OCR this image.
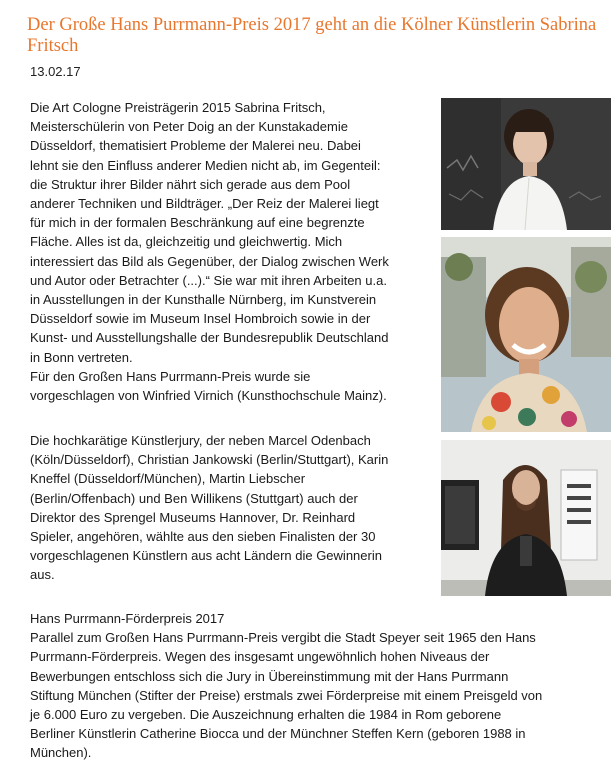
Der Große Hans Purrmann-Preis 2017 geht an die Kölner Künstlerin Sabrina Fritsch
13.02.17

Die Art Cologne Preisträgerin 2015 Sabrina Fritsch,
Meisterschülerin von Peter Doig an der Kunstakademie
Düsseldorf, thematisiert Probleme der Malerei neu. Dabei
lehnt sie den Einfluss anderer Medien nicht ab, im Gegenteil:
die Struktur ihrer Bilder nährt sich gerade aus dem Pool
anderer Techniken und Bildträger. „Der Reiz der Malerei liegt
für mich in der formalen Beschränkung auf eine begrenzte
Fläche. Alles ist da, gleichzeitig und gleichwertig. Mich
interessiert das Bild als Gegenüber, der Dialog zwischen Werk
und Autor oder Betrachter (...).“ Sie war mit ihren Arbeiten u.a.
in Ausstellungen in der Kunsthalle Nürnberg, im Kunstverein
Düsseldorf sowie im Museum Insel Hombroich sowie in der
Kunst- und Ausstellungshalle der Bundesrepublik Deutschland
in Bonn vertreten.
Für den Großen Hans Purrmann-Preis wurde sie
vorgeschlagen von Winfried Virnich (Kunsthochschule Mainz).

Die hochkarätige Künstlerjury, der neben Marcel Odenbach
(Köln/Düsseldorf), Christian Jankowski (Berlin/Stuttgart), Karin
Kneffel (Düsseldorf/München), Martin Liebscher
(Berlin/Offenbach) und Ben Willikens (Stuttgart) auch der
Direktor des Sprengel Museums Hannover, Dr. Reinhard
Spieler, angehören, wählte aus den sieben Finalisten der 30
vorgeschlagenen Künstlern aus acht Ländern die Gewinnerin
aus.

Hans Purrmann-Förderpreis 2017
Parallel zum Großen Hans Purrmann-Preis vergibt die Stadt Speyer seit 1965 den Hans
Purrmann-Förderpreis. Wegen des insgesamt ungewöhnlich hohen Niveaus der
Bewerbungen entschloss sich die Jury in Übereinstimmung mit der Hans Purrmann
Stiftung München (Stifter der Preise) erstmals zwei Förderpreise mit einem Preisgeld von
je 6.000 Euro zu vergeben. Die Auszeichnung erhalten die 1984 in Rom geborene
Berliner Künstlerin Catherine Biocca und der Münchner Steffen Kern (geboren 1988 in
München).
